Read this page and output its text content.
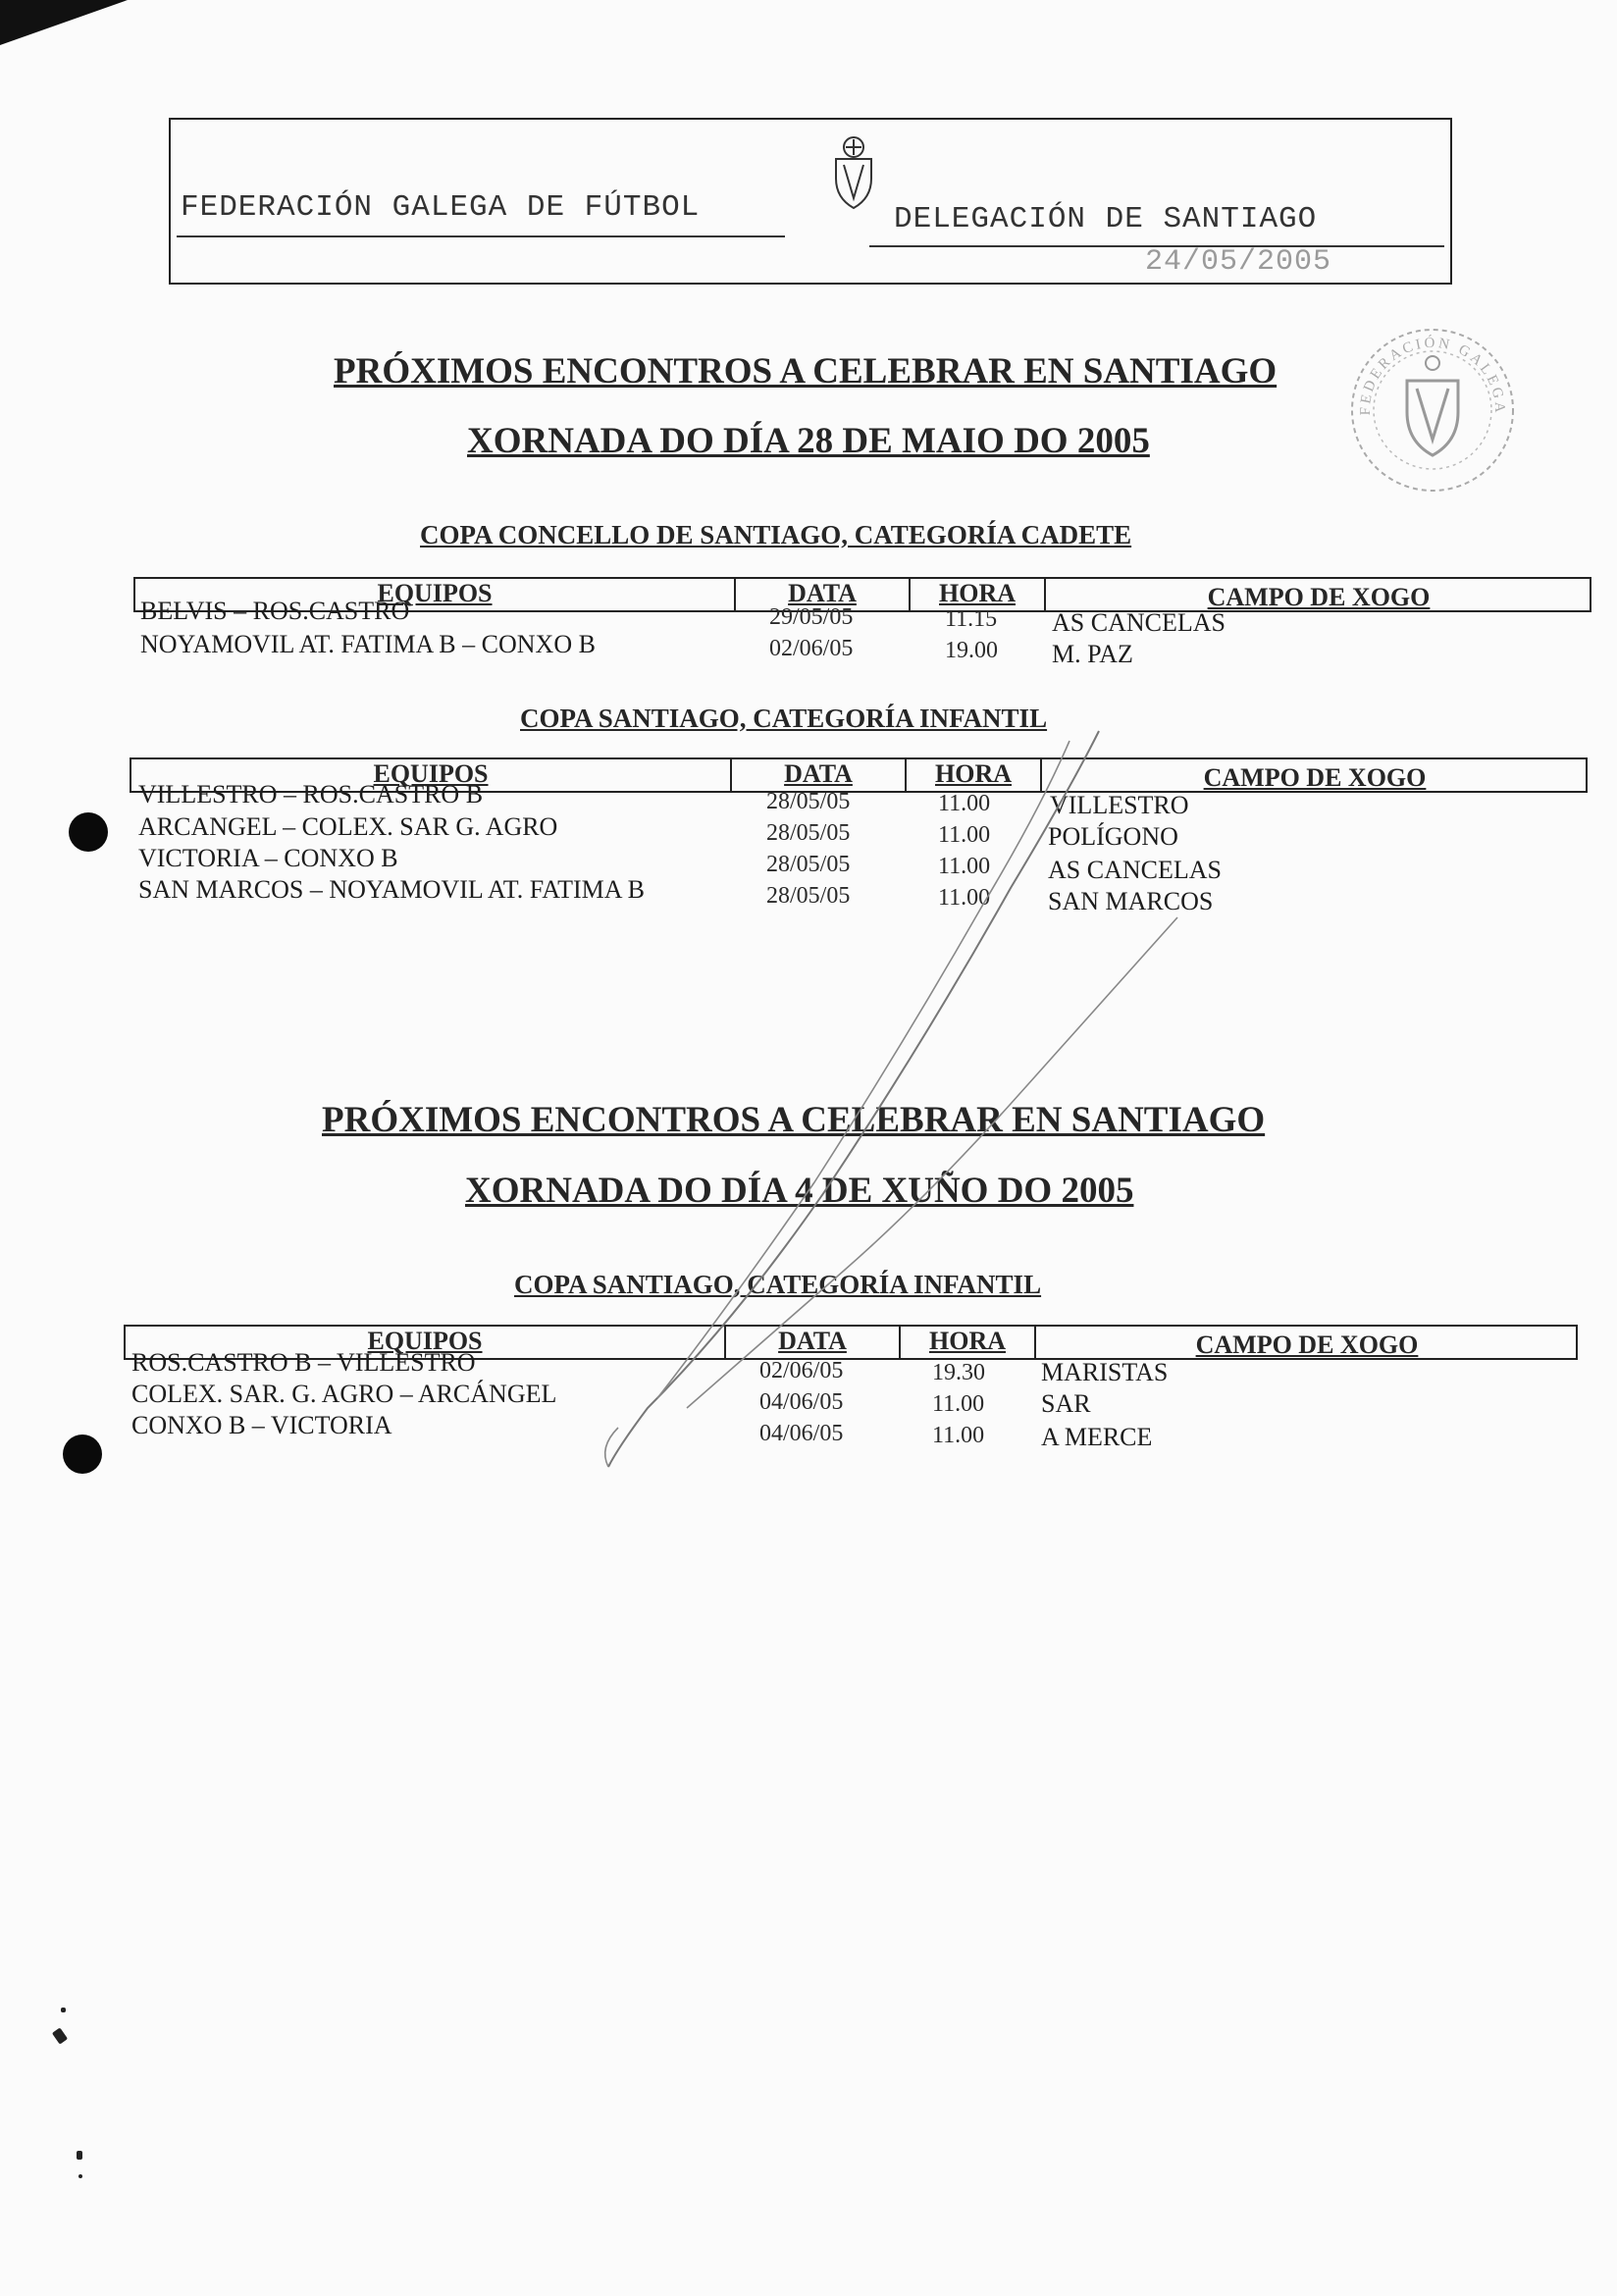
FEDERACIÓN GALEGA DE FÚTBOL	DELEGACIÓN DE SANTIAGO
24/05/2005
FEDERACIÓN GALEGA
PRÓXIMOS ENCONTROS A CELEBRAR EN SANTIAGO
XORNADA DO DÍA 28 DE MAIO DO 2005
COPA CONCELLO DE SANTIAGO, CATEGORÍA CADETE
EQUIPOS	DATA	HORA	CAMPO DE XOGO
BELVIS – ROS.CASTRO	29/05/05	11.15 AS CANCELAS
NOYAMOVIL AT. FATIMA B – CONXO B	02/06/05	19.00 M. PAZ
COPA SANTIAGO, CATEGORÍA INFANTIL
EQUIPOS	DATA	HORA	CAMPO DE XOGO
VILLESTRO – ROS.CASTRO B	28/05/05	11.00 VILLESTRO
ARCANGEL – COLEX. SAR G. AGRO	28/05/05	11.00 POLÍGONO
VICTORIA – CONXO B	28/05/05	11.00 AS CANCELAS
SAN MARCOS – NOYAMOVIL AT. FATIMA B	28/05/05	11.00 SAN MARCOS
PRÓXIMOS ENCONTROS A CELEBRAR EN SANTIAGO
XORNADA DO DÍA 4 DE XUÑO DO 2005
COPA SANTIAGO, CATEGORÍA INFANTIL
EQUIPOS	DATA	HORA	CAMPO DE XOGO
ROS.CASTRO B – VILLESTRO	02/06/05	19.30 MARISTAS
COLEX. SAR. G. AGRO – ARCÁNGEL	04/06/05	11.00 SAR
CONXO B – VICTORIA	04/06/05	11.00 A MERCE
